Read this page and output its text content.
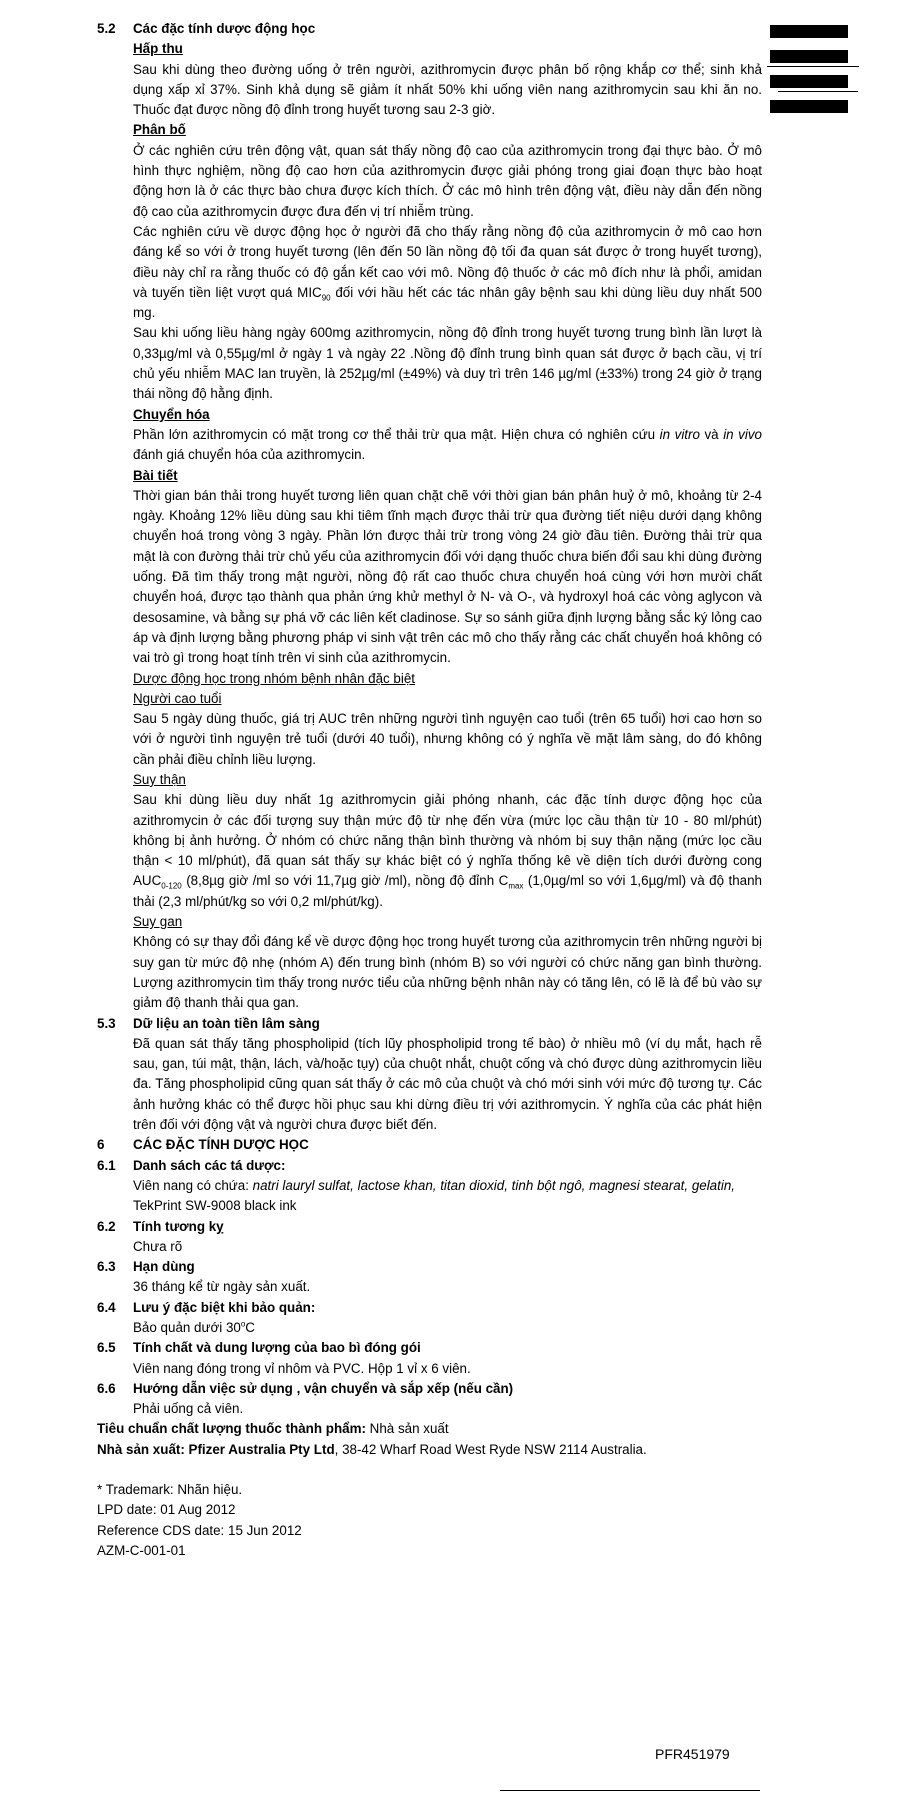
5.2 Các đặc tính dược động học
Hấp thu

Sau khi dùng theo đường uống ở trên người, azithromycin được phân bố rộng khắp cơ thể; sinh khả dụng xấp xỉ 37%. Sinh khả dụng sẽ giảm ít nhất 50% khi uống viên nang azithromycin sau khi ăn no. Thuốc đạt được nồng độ đỉnh trong huyết tương sau 2-3 giờ.

Phân bố

Ở các nghiên cứu trên động vật, quan sát thấy nồng độ cao của azithromycin trong đại thực bào. Ở mô hình thực nghiệm, nồng độ cao hơn của azithromycin được giải phóng trong giai đoạn thực bào hoạt động hơn là ở các thực bào chưa được kích thích. Ở các mô hình trên động vật, điều này dẫn đến nồng độ cao của azithromycin được đưa đến vị trí nhiễm trùng.

Các nghiên cứu về dược động học ở người đã cho thấy rằng nồng độ của azithromycin ở mô cao hơn đáng kể so với ở trong huyết tương (lên đến 50 lần nồng độ tối đa quan sát được ở trong huyết tương), điều này chỉ ra rằng thuốc có độ gắn kết cao với mô. Nồng độ thuốc ở các mô đích như là phổi, amidan và tuyến tiền liệt vượt quá $MIC_{90}$ đối với hầu hết các tác nhân gây bệnh sau khi dùng liều duy nhất 500 mg.

Sau khi uống liều hàng ngày 600mg azithromycin, nồng độ đỉnh trong huyết tương trung bình lần lượt là 0,33µg/ml và 0,55µg/ml ở ngày 1 và ngày 22 .Nồng độ đỉnh trung bình quan sát được ở bạch cầu, vị trí chủ yếu nhiễm MAC lan truyền, là 252µg/ml (±49%) và duy trì trên 146 µg/ml (±33%) trong 24 giờ ở trạng thái nồng độ hằng định.

Chuyển hóa

Phần lớn azithromycin có mặt trong cơ thể thải trừ qua mật. Hiện chưa có nghiên cứu in vitro và in vivo đánh giá chuyển hóa của azithromycin.

Bài tiết

Thời gian bán thải trong huyết tương liên quan chặt chẽ với thời gian bán phân huỷ ở mô, khoảng từ 2-4 ngày. Khoảng 12% liều dùng sau khi tiêm tĩnh mạch được thải trừ qua đường tiết niệu dưới dạng không chuyển hoá trong vòng 3 ngày. Phần lớn được thải trừ trong vòng 24 giờ đầu tiên. Đường thải trừ qua mật là con đường thải trừ chủ yếu của azithromycin đối với dạng thuốc chưa biến đổi sau khi dùng đường uống. Đã tìm thấy trong mật người, nồng độ rất cao thuốc chưa chuyển hoá cùng với hơn mười chất chuyển hoá, được tạo thành qua phản ứng khử methyl ở N- và O-, và hydroxyl hoá các vòng aglycon và desosamine, và bằng sự phá vỡ các liên kết cladinose. Sự so sánh giữa định lượng bằng sắc ký lỏng cao áp và định lượng bằng phương pháp vi sinh vật trên các mô cho thấy rằng các chất chuyển hoá không có vai trò gì trong hoạt tính trên vi sinh của azithromycin.

Dược động học trong nhóm bệnh nhân đặc biệt
Người cao tuổi

Sau 5 ngày dùng thuốc, giá trị AUC trên những người tình nguyện cao tuổi (trên 65 tuổi) hơi cao hơn so với ở người tình nguyện trẻ tuổi (dưới 40 tuổi), nhưng không có ý nghĩa về mặt lâm sàng, do đó không cần phải điều chỉnh liều lượng.

Suy thận

Sau khi dùng liều duy nhất 1g azithromycin giải phóng nhanh, các đặc tính dược động học của azithromycin ở các đối tượng suy thận mức độ từ nhẹ đến vừa (mức lọc cầu thận từ 10 - 80 ml/phút) không bị ảnh hưởng. Ở nhóm có chức năng thận bình thường và nhóm bị suy thận nặng (mức lọc cầu thận < 10 ml/phút), đã quan sát thấy sự khác biệt có ý nghĩa thống kê về diện tích dưới đường cong $AUC_{0-120}$ (8,8µg giờ /ml so với 11,7µg giờ /ml), nồng độ đỉnh $C_{max}$ (1,0µg/ml so với 1,6µg/ml) và độ thanh thải (2,3 ml/phút/kg so với 0,2 ml/phút/kg).

Suy gan

Không có sự thay đổi đáng kể về dược động học trong huyết tương của azithromycin trên những người bị suy gan từ mức độ nhẹ (nhóm A) đến trung bình (nhóm B) so với người có chức năng gan bình thường. Lượng azithromycin tìm thấy trong nước tiểu của những bệnh nhân này có tăng lên, có lẽ là để bù vào sự giảm độ thanh thải qua gan.

5.3 Dữ liệu an toàn tiền lâm sàng

Đã quan sát thấy tăng phospholipid (tích lũy phospholipid trong tế bào) ở nhiều mô (ví dụ mắt, hạch rễ sau, gan, túi mật, thận, lách, và/hoặc tụy) của chuột nhắt, chuột cống và chó được dùng azithromycin liều đa. Tăng phospholipid cũng quan sát thấy ở các mô của chuột và chó mới sinh với mức độ tương tự. Các ảnh hưởng khác có thể được hồi phục sau khi dừng điều trị với azithromycin. Ý nghĩa của các phát hiện trên đối với động vật và người chưa được biết đến.

6 CÁC ĐẶC TÍNH DƯỢC HỌC
6.1 Danh sách các tá dược:

Viên nang có chứa: natri lauryl sulfat, lactose khan, titan dioxid, tinh bột ngô, magnesi stearat, gelatin,

TekPrint SW-9008 black ink

6.2 Tính tương kỵ

Chưa rõ

6.3 Hạn dùng

36 tháng kể từ ngày sản xuất.

6.4 Lưu ý đặc biệt khi bảo quản:

Bảo quản dưới 30$^o$C

6.5 Tính chất và dung lượng của bao bì đóng gói

Viên nang đóng trong vỉ nhôm và PVC. Hộp 1 vỉ x 6 viên.

6.6 Hướng dẫn việc sử dụng , vận chuyển và sắp xếp (nếu cần)

Phải uống cả viên.

Tiêu chuẩn chất lượng thuốc thành phẩm: Nhà sản xuất

Nhà sản xuất: Pfizer Australia Pty Ltd, 38-42 Wharf Road West Ryde NSW 2114 Australia.

* Trademark: Nhãn hiệu.

LPD date: 01 Aug 2012

Reference CDS date: 15 Jun 2012

AZM-C-001-01

PFR451979
